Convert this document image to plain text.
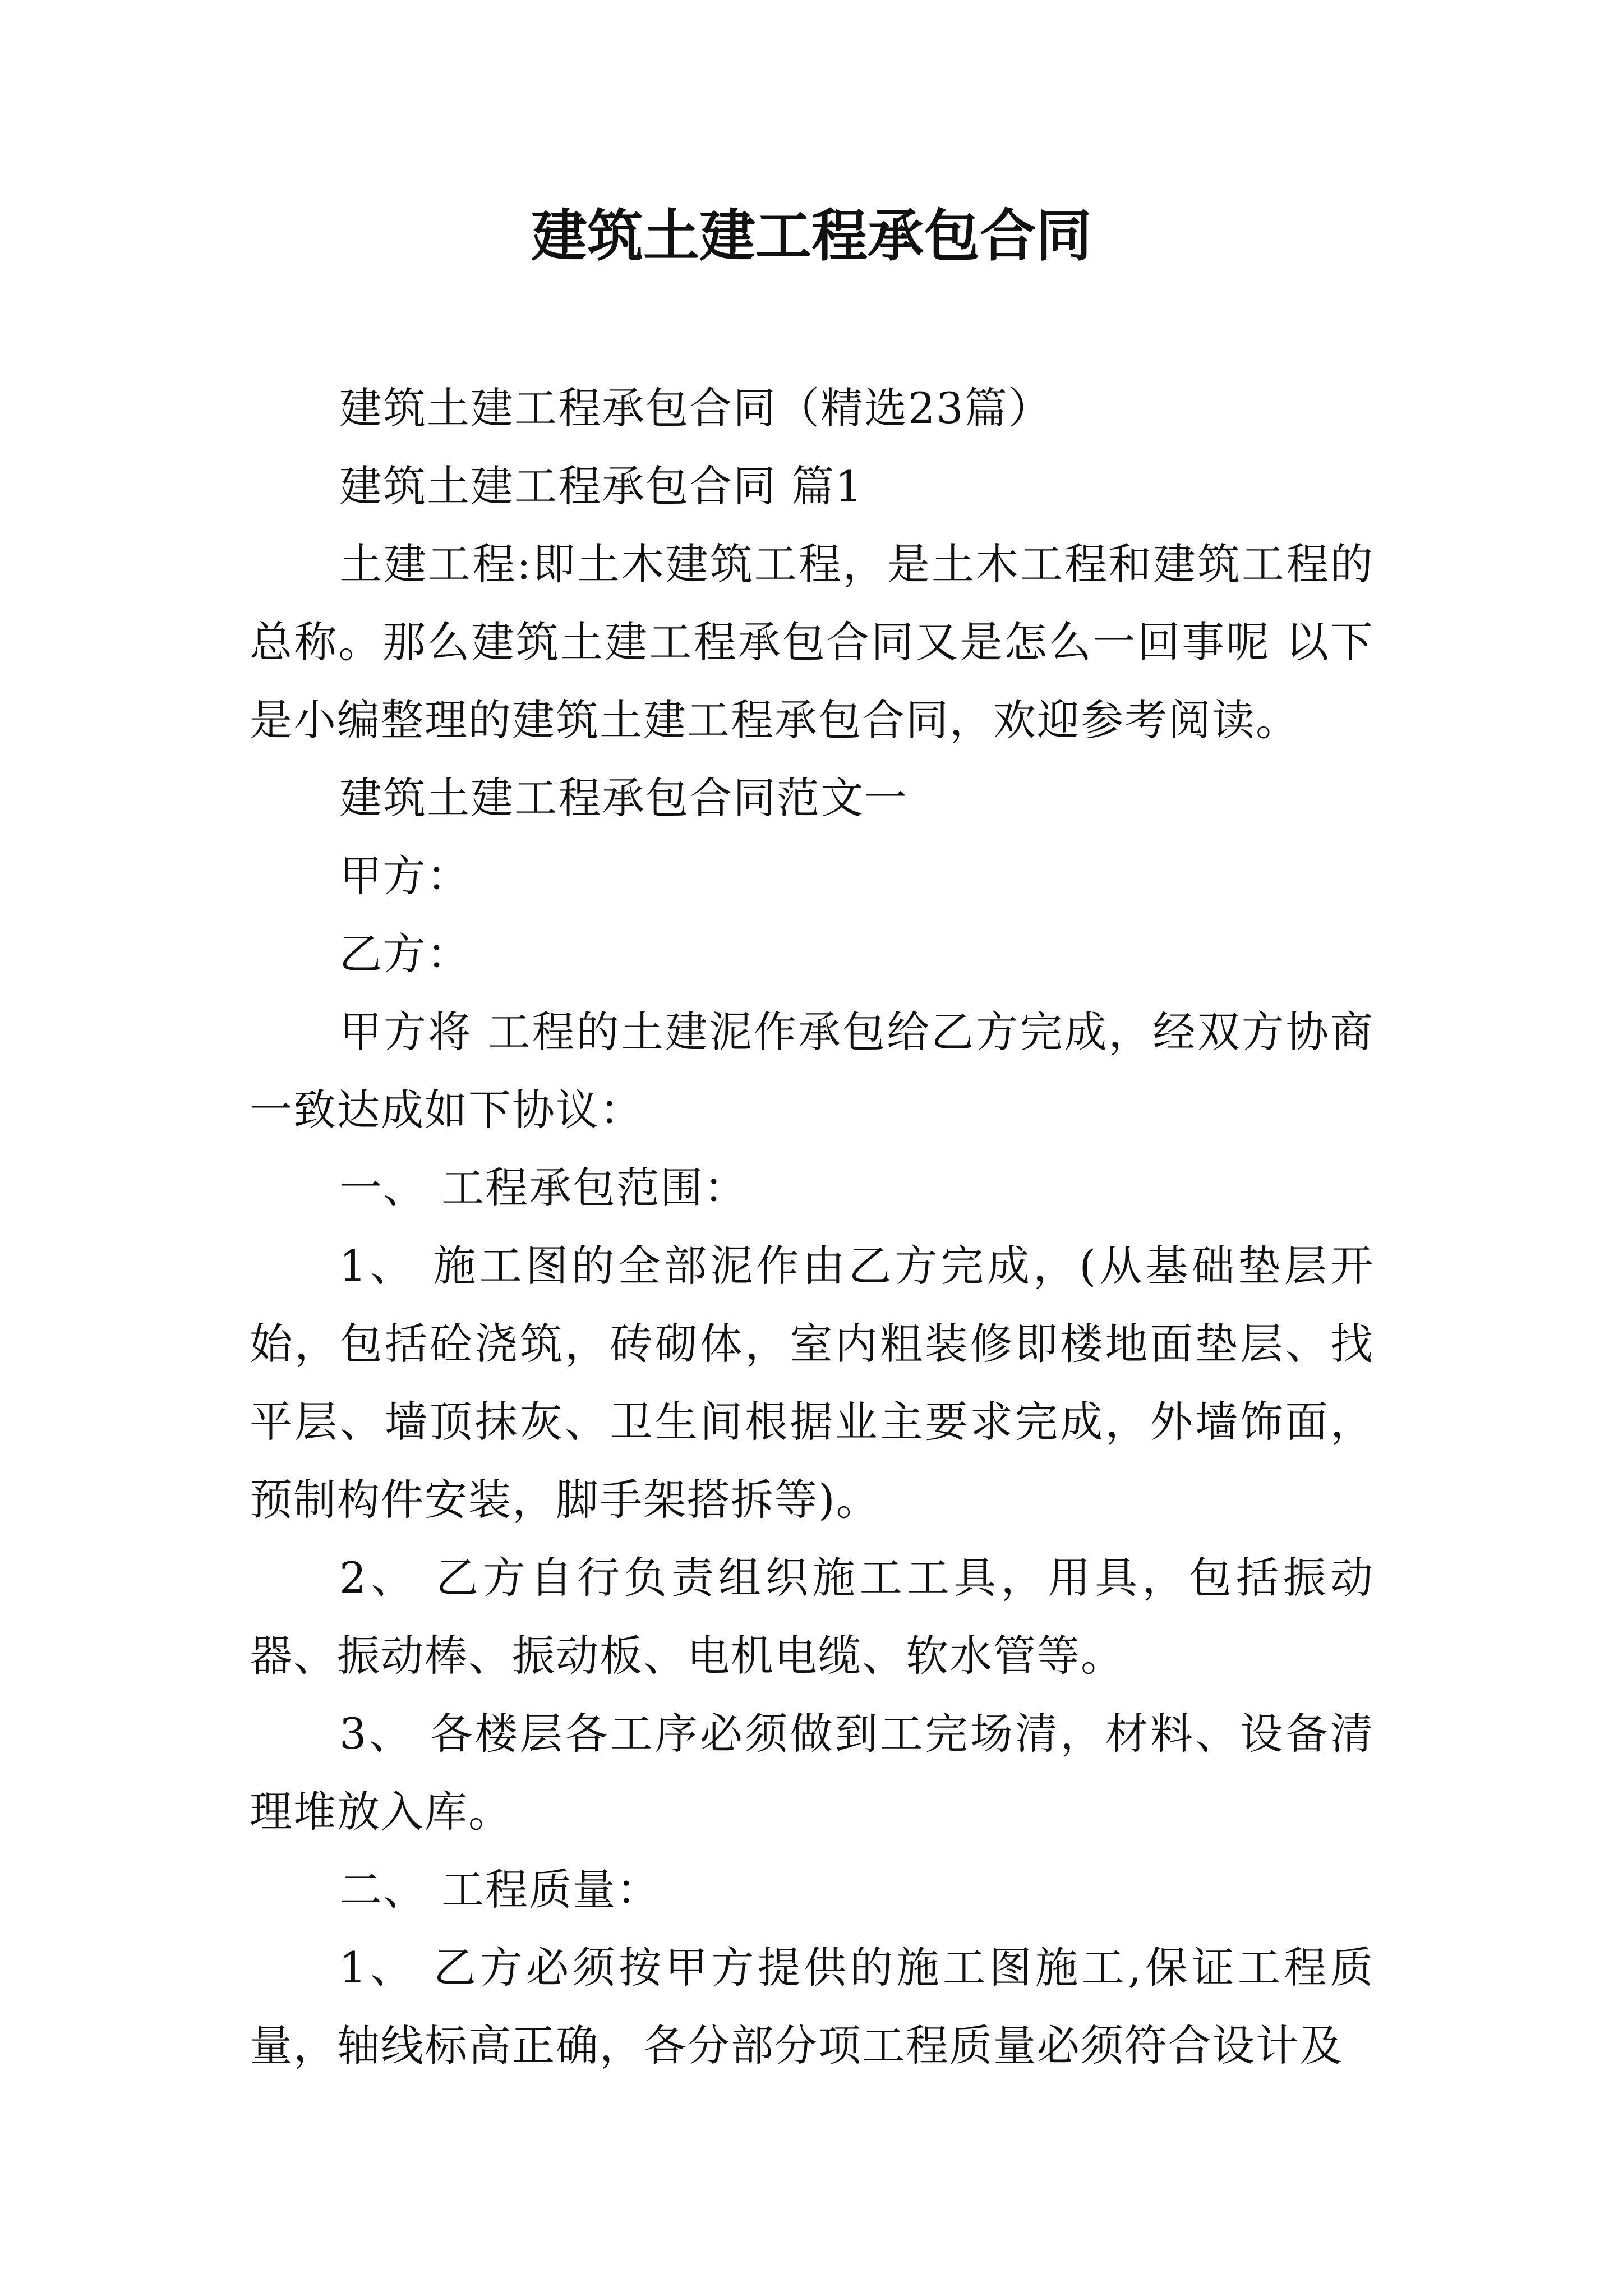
建筑土建工程承包合同

建筑土建工程承包合同（精选23篇）

建筑土建工程承包合同 篇1

土建工程:即土木建筑工程，是土木工程和建筑工程的总称。那么建筑土建工程承包合同又是怎么一回事呢 以下是小编整理的建筑土建工程承包合同，欢迎参考阅读。

建筑土建工程承包合同范文一

甲方：

乙方：

甲方将 工程的土建泥作承包给乙方完成，经双方协商一致达成如下协议：

一、 工程承包范围：

1、 施工图的全部泥作由乙方完成，(从基础垫层开始，包括砼浇筑，砖砌体，室内粗装修即楼地面垫层、找平层、墙顶抹灰、卫生间根据业主要求完成，外墙饰面，预制构件安装，脚手架搭拆等)。

2、 乙方自行负责组织施工工具，用具，包括振动器、振动棒、振动板、电机电缆、软水管等。

3、 各楼层各工序必须做到工完场清，材料、设备清理堆放入库。

二、 工程质量：

1、 乙方必须按甲方提供的施工图施工,保证工程质量，轴线标高正确，各分部分项工程质量必须符合设计及
